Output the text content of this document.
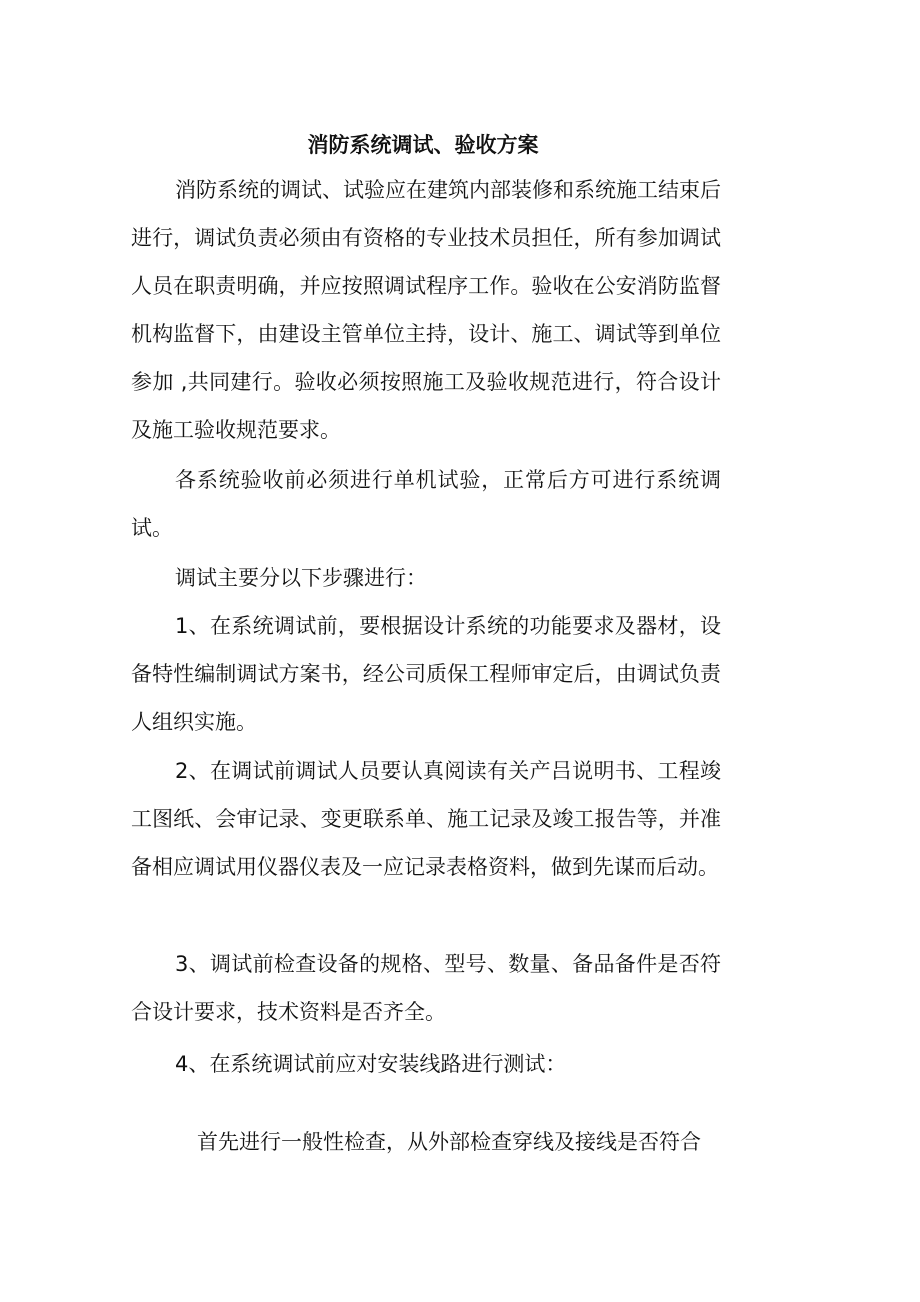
消防系统调试、验收方案

消防系统的调试、试验应在建筑内部装修和系统施工结束后进行，调试负责必须由有资格的专业技术员担任，所有参加调试人员在职责明确，并应按照调试程序工作。验收在公安消防监督机构监督下，由建设主管单位主持，设计、施工、调试等到单位参加 ,共同建行。验收必须按照施工及验收规范进行，符合设计及施工验收规范要求。

各系统验收前必须进行单机试验，正常后方可进行系统调试。

调试主要分以下步骤进行：

1、在系统调试前，要根据设计系统的功能要求及器材，设备特性编制调试方案书，经公司质保工程师审定后，由调试负责人组织实施。

2、在调试前调试人员要认真阅读有关产吕说明书、工程竣工图纸、会审记录、变更联系单、施工记录及竣工报告等，并准备相应调试用仪器仪表及一应记录表格资料，做到先谋而后动。

3、调试前检查设备的规格、型号、数量、备品备件是否符合设计要求，技术资料是否齐全。

4、在系统调试前应对安装线路进行测试：

首先进行一般性检查，从外部检查穿线及接线是否符合
